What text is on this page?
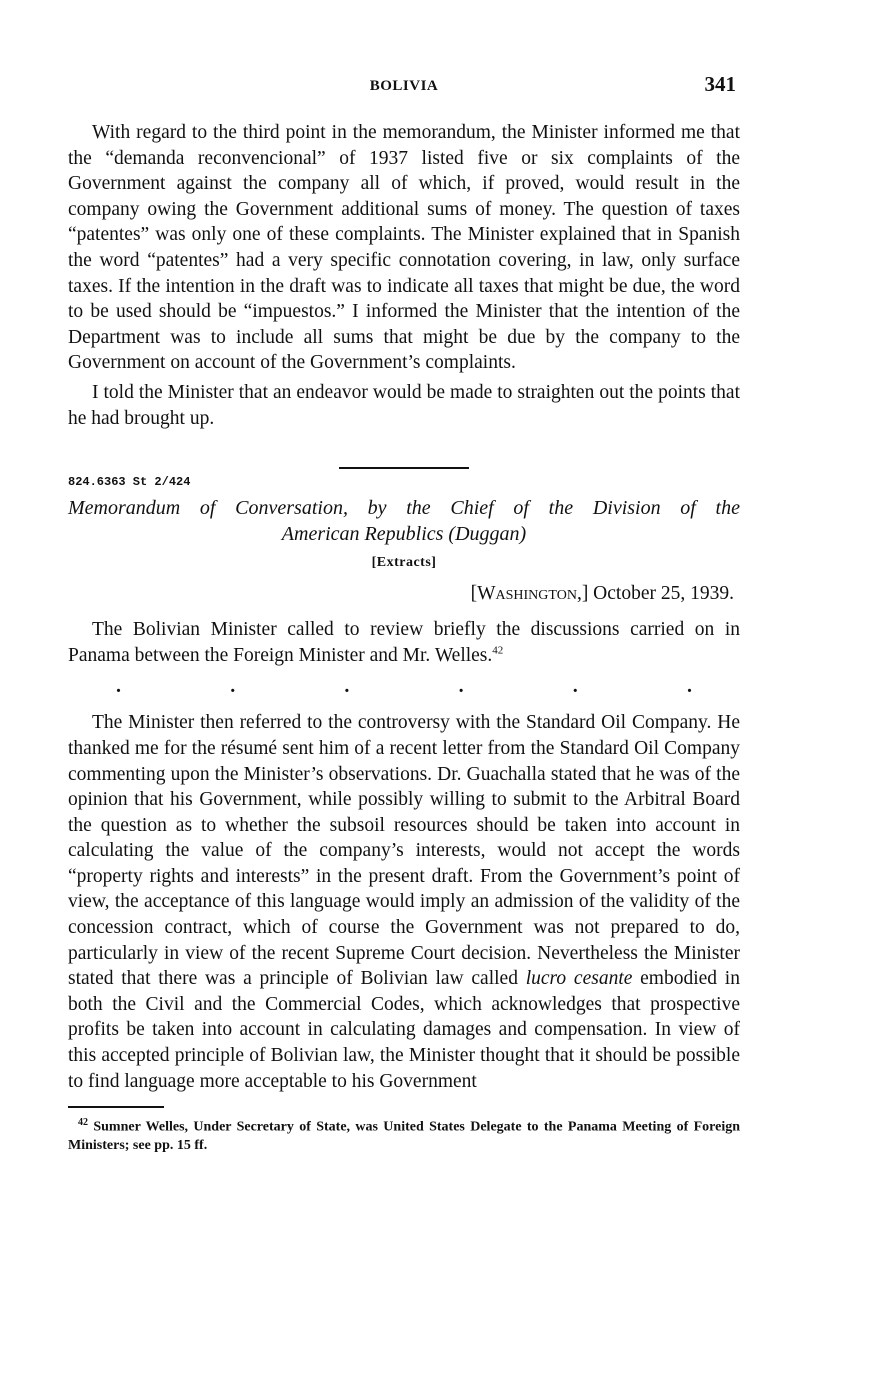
BOLIVIA	341

With regard to the third point in the memorandum, the Minister informed me that the “demanda reconvencional” of 1937 listed five or six complaints of the Government against the company all of which, if proved, would result in the company owing the Government additional sums of money. The question of taxes “patentes” was only one of these complaints. The Minister explained that in Spanish the word “patentes” had a very specific connotation covering, in law, only surface taxes. If the intention in the draft was to indicate all taxes that might be due, the word to be used should be “impuestos.” I informed the Minister that the intention of the Department was to include all sums that might be due by the company to the Government on account of the Government’s complaints.

I told the Minister that an endeavor would be made to straighten out the points that he had brought up.

824.6363 St 2/424
Memorandum of Conversation, by the Chief of the Division of the
American Republics (Duggan)
[Extracts]
[Washington,] October 25, 1939.

The Bolivian Minister called to review briefly the discussions carried on in Panama between the Foreign Minister and Mr. Welles.$^{42}$

.	.	.	.	.	.

The Minister then referred to the controversy with the Standard Oil Company. He thanked me for the résumé sent him of a recent letter from the Standard Oil Company commenting upon the Minister’s observations. Dr. Guachalla stated that he was of the opinion that his Government, while possibly willing to submit to the Arbitral Board the question as to whether the subsoil resources should be taken into account in calculating the value of the company’s interests, would not accept the words “property rights and interests” in the present draft. From the Government’s point of view, the acceptance of this language would imply an admission of the validity of the concession contract, which of course the Government was not prepared to do, particularly in view of the recent Supreme Court decision. Nevertheless the Minister stated that there was a principle of Bolivian law called lucro cesante embodied in both the Civil and the Commercial Codes, which acknowledges that prospective profits be taken into account in calculating damages and compensation. In view of this accepted principle of Bolivian law, the Minister thought that it should be possible to find language more acceptable to his Government

$^{42}$ Sumner Welles, Under Secretary of State, was United States Delegate to the Panama Meeting of Foreign Ministers; see pp. 15 ff.
